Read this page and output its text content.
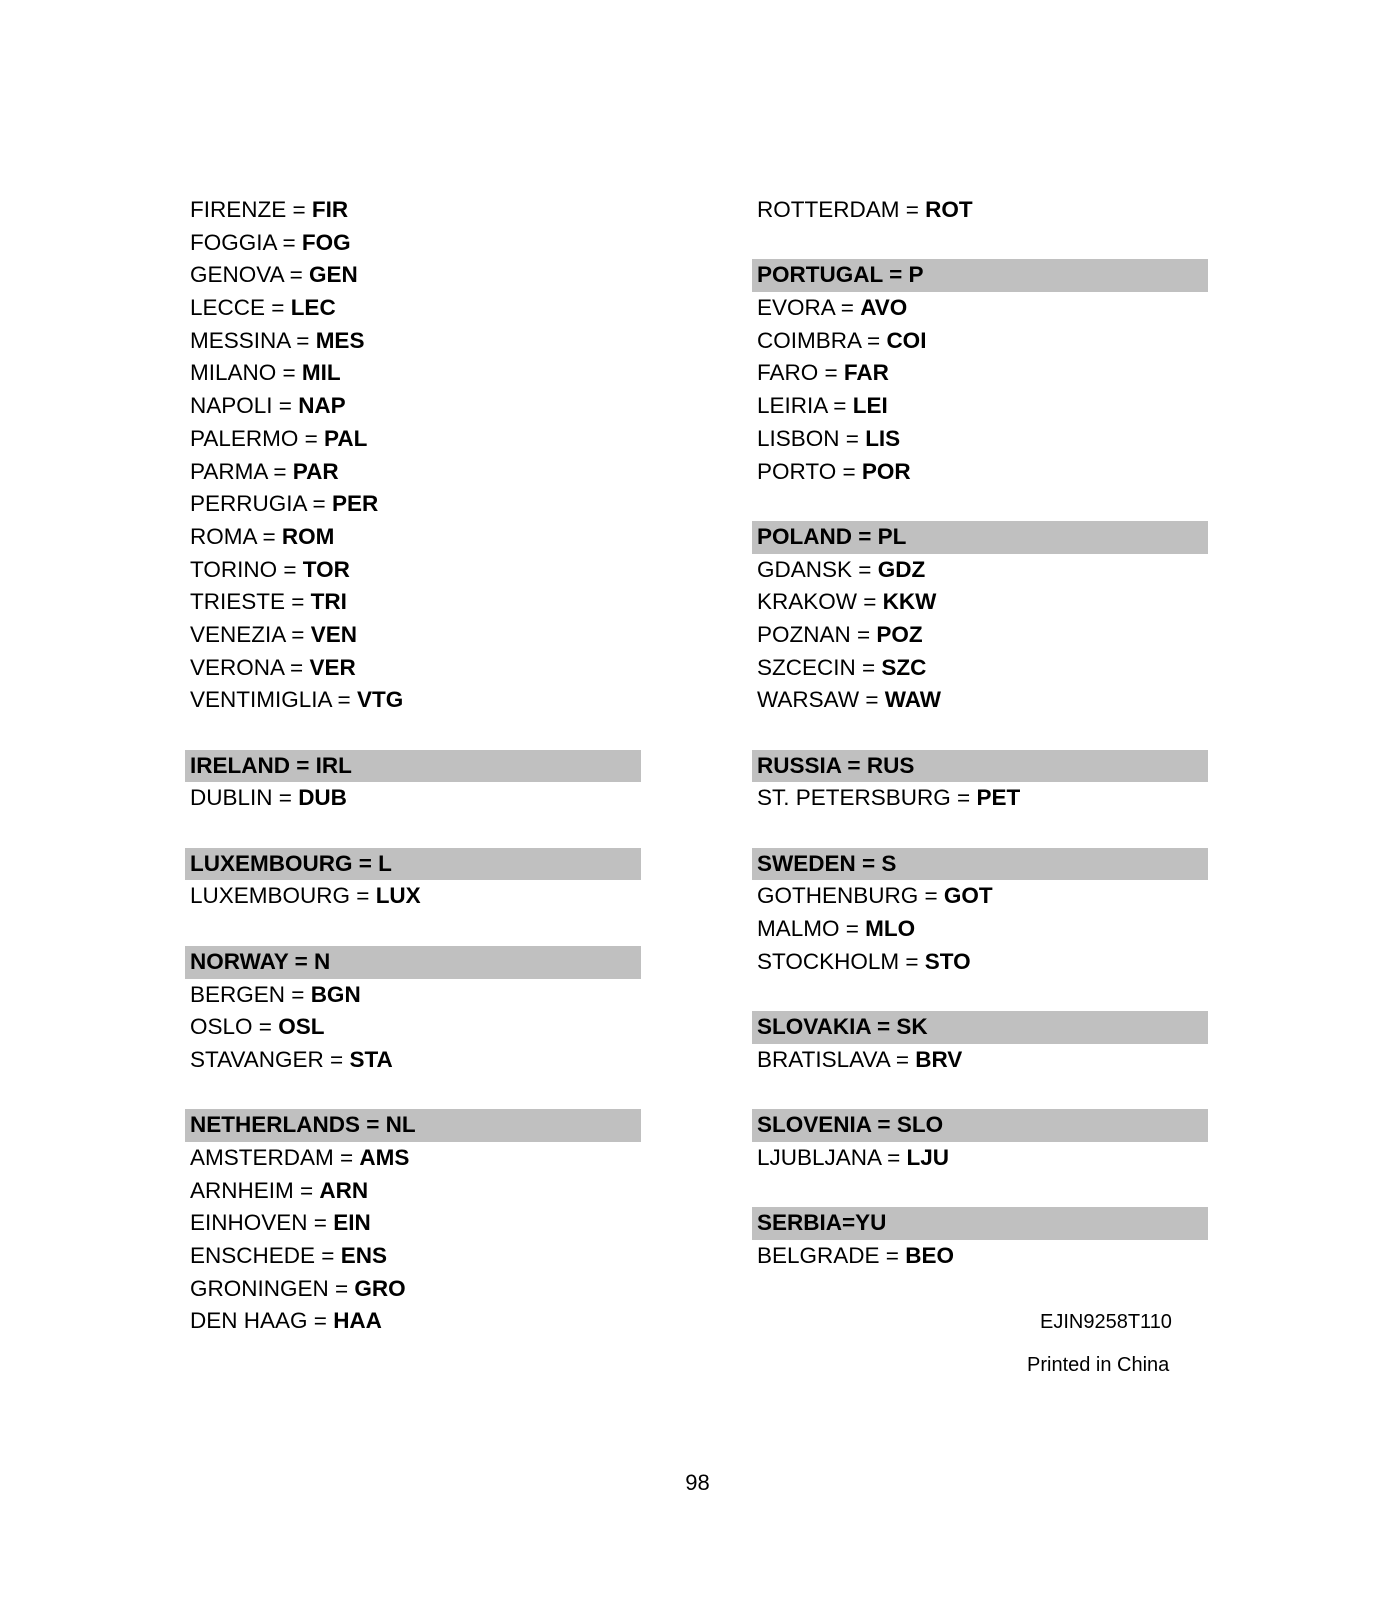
FIRENZE = FIR
FOGGIA = FOG
GENOVA = GEN
LECCE = LEC
MESSINA = MES
MILANO = MIL
NAPOLI = NAP
PALERMO = PAL
PARMA = PAR
PERRUGIA = PER
ROMA = ROM
TORINO = TOR
TRIESTE = TRI
VENEZIA = VEN
VERONA = VER
VENTIMIGLIA = VTG
IRELAND = IRL
DUBLIN = DUB
LUXEMBOURG = L
LUXEMBOURG = LUX
NORWAY = N
BERGEN = BGN
OSLO = OSL
STAVANGER = STA
NETHERLANDS = NL
AMSTERDAM = AMS
ARNHEIM = ARN
EINHOVEN = EIN
ENSCHEDE = ENS
GRONINGEN = GRO
DEN HAAG = HAA
ROTTERDAM = ROT
PORTUGAL = P
EVORA = AVO
COIMBRA = COI
FARO = FAR
LEIRIA = LEI
LISBON = LIS
PORTO = POR
POLAND = PL
GDANSK = GDZ
KRAKOW = KKW
POZNAN = POZ
SZCECIN = SZC
WARSAW = WAW
RUSSIA = RUS
ST. PETERSBURG = PET
SWEDEN = S
GOTHENBURG = GOT
MALMO = MLO
STOCKHOLM = STO
SLOVAKIA = SK
BRATISLAVA = BRV
SLOVENIA = SLO
LJUBLJANA = LJU
SERBIA=YU
BELGRADE = BEO
EJIN9258T110
Printed in China
98
